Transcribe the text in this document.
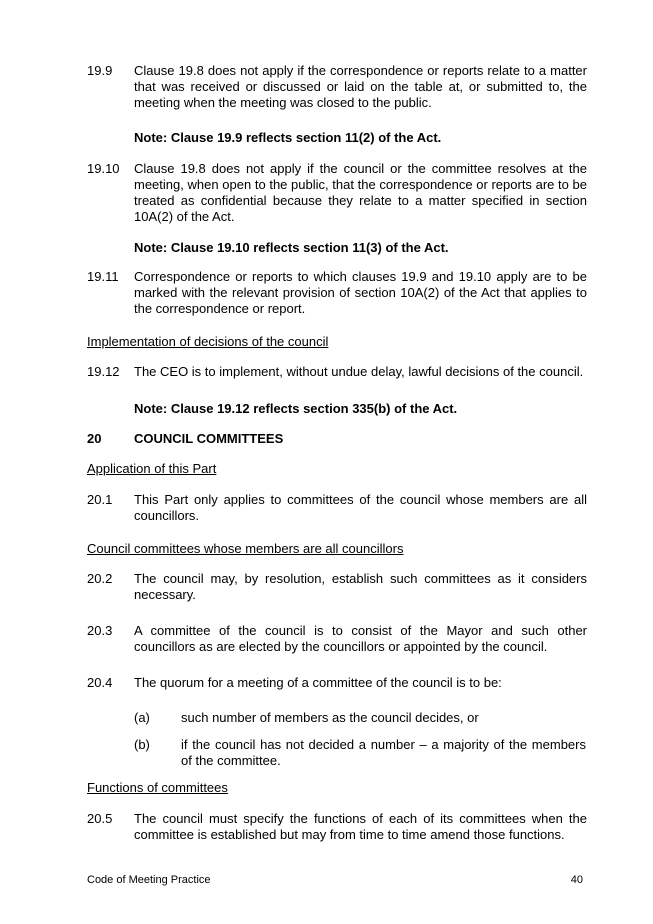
19.9	Clause 19.8 does not apply if the correspondence or reports relate to a matter that was received or discussed or laid on the table at, or submitted to, the meeting when the meeting was closed to the public.
Note: Clause 19.9 reflects section 11(2) of the Act.
19.10	Clause 19.8 does not apply if the council or the committee resolves at the meeting, when open to the public, that the correspondence or reports are to be treated as confidential because they relate to a matter specified in section 10A(2) of the Act.
Note: Clause 19.10 reflects section 11(3) of the Act.
19.11	Correspondence or reports to which clauses 19.9 and 19.10 apply are to be marked with the relevant provision of section 10A(2) of the Act that applies to the correspondence or report.
Implementation of decisions of the council
19.12	The CEO is to implement, without undue delay, lawful decisions of the council.
Note: Clause 19.12 reflects section 335(b) of the Act.
20	COUNCIL COMMITTEES
Application of this Part
20.1	This Part only applies to committees of the council whose members are all councillors.
Council committees whose members are all councillors
20.2	The council may, by resolution, establish such committees as it considers necessary.
20.3	A committee of the council is to consist of the Mayor and such other councillors as are elected by the councillors or appointed by the council.
20.4	The quorum for a meeting of a committee of the council is to be:
(a)	such number of members as the council decides, or
(b)	if the council has not decided a number – a majority of the members of the committee.
Functions of committees
20.5	The council must specify the functions of each of its committees when the committee is established but may from time to time amend those functions.
Code of Meeting Practice	40
